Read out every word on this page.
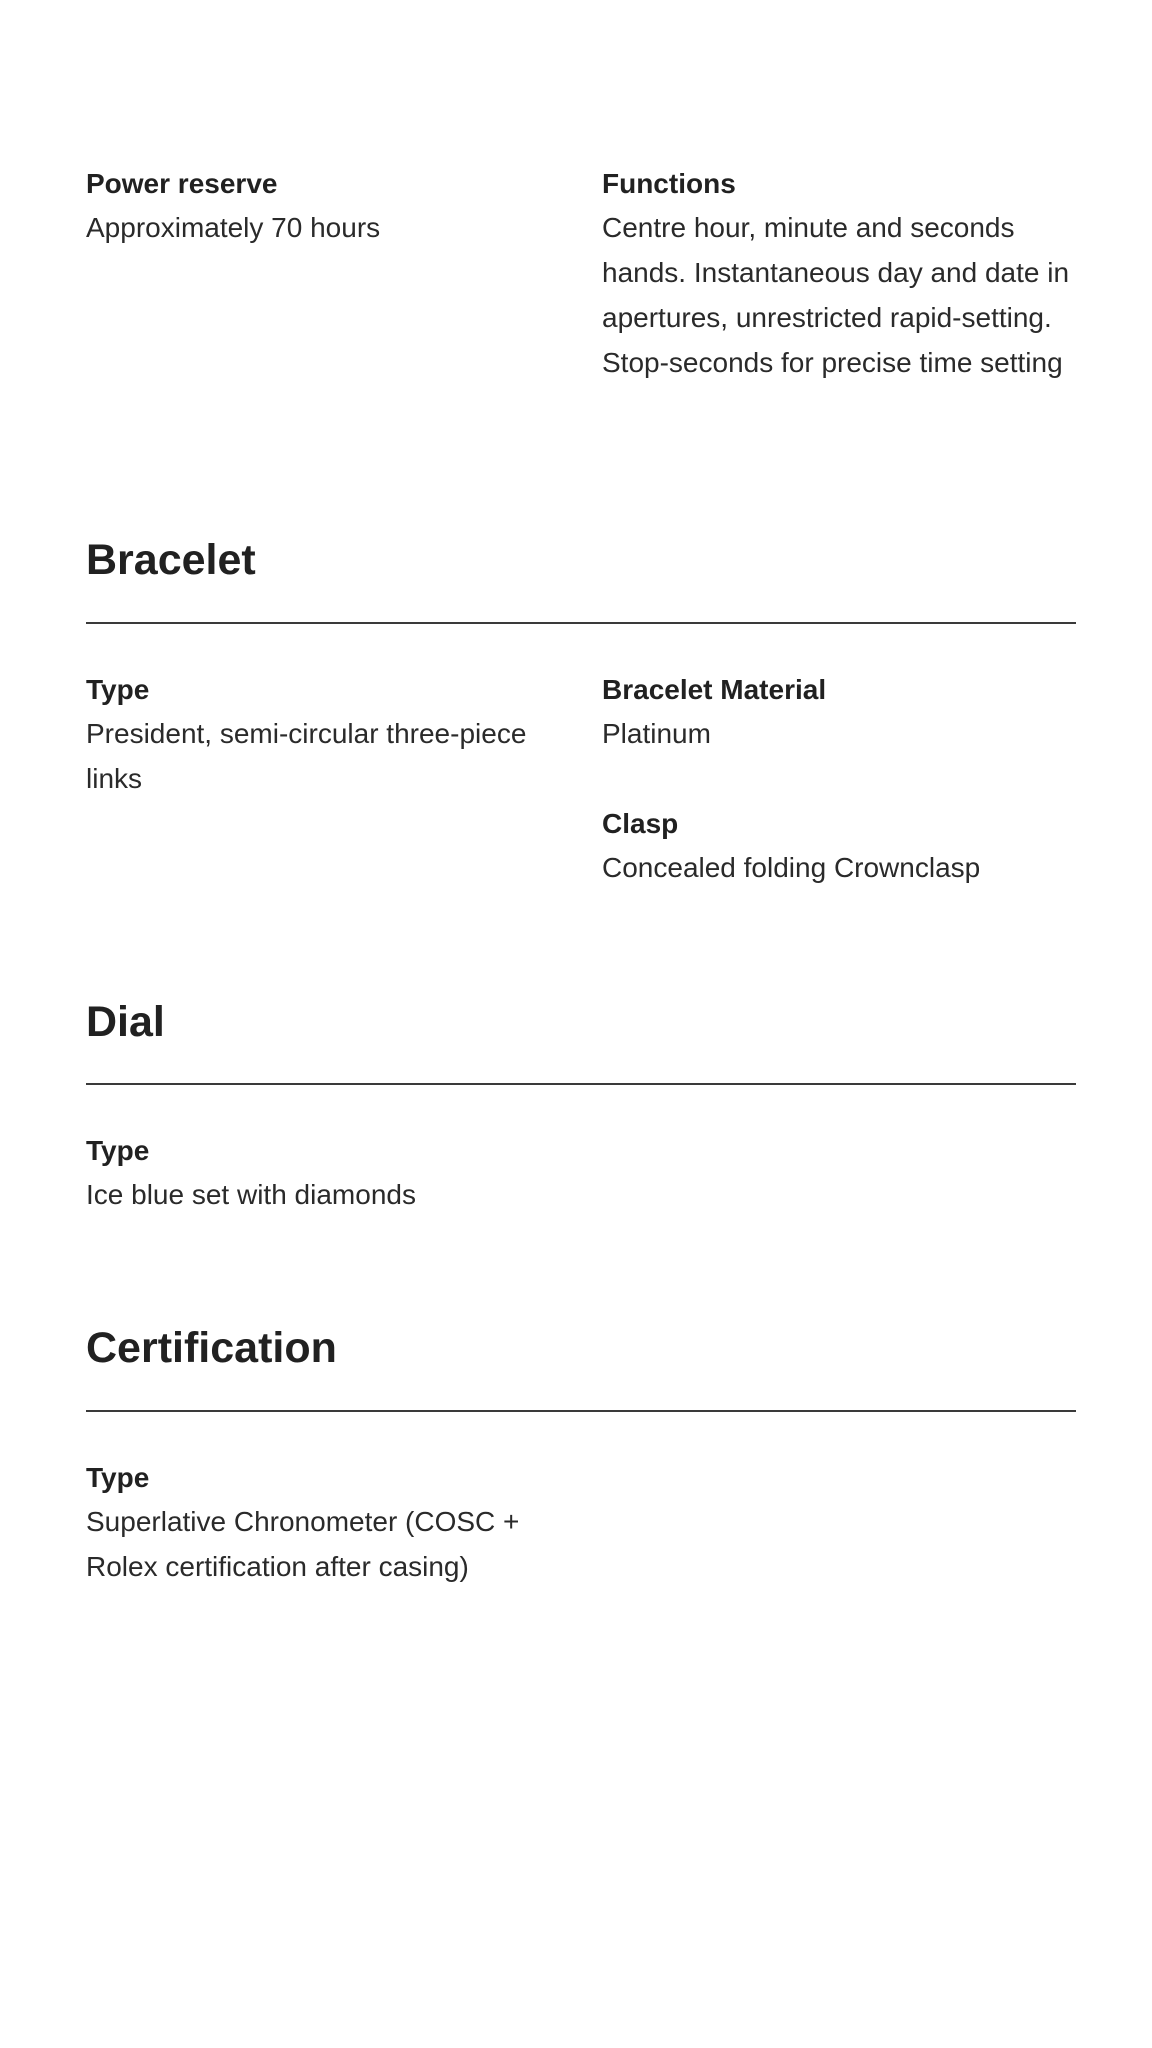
Power reserve

Approximately 70 hours

Functions

Centre hour, minute and seconds hands. Instantaneous day and date in apertures, unrestricted rapid-setting. Stop-seconds for precise time setting

Bracelet

Type

President, semi-circular three-piece links

Bracelet Material

Platinum

Clasp

Concealed folding Crownclasp

Dial

Type

Ice blue set with diamonds

Certification

Type

Superlative Chronometer (COSC + Rolex certification after casing)
